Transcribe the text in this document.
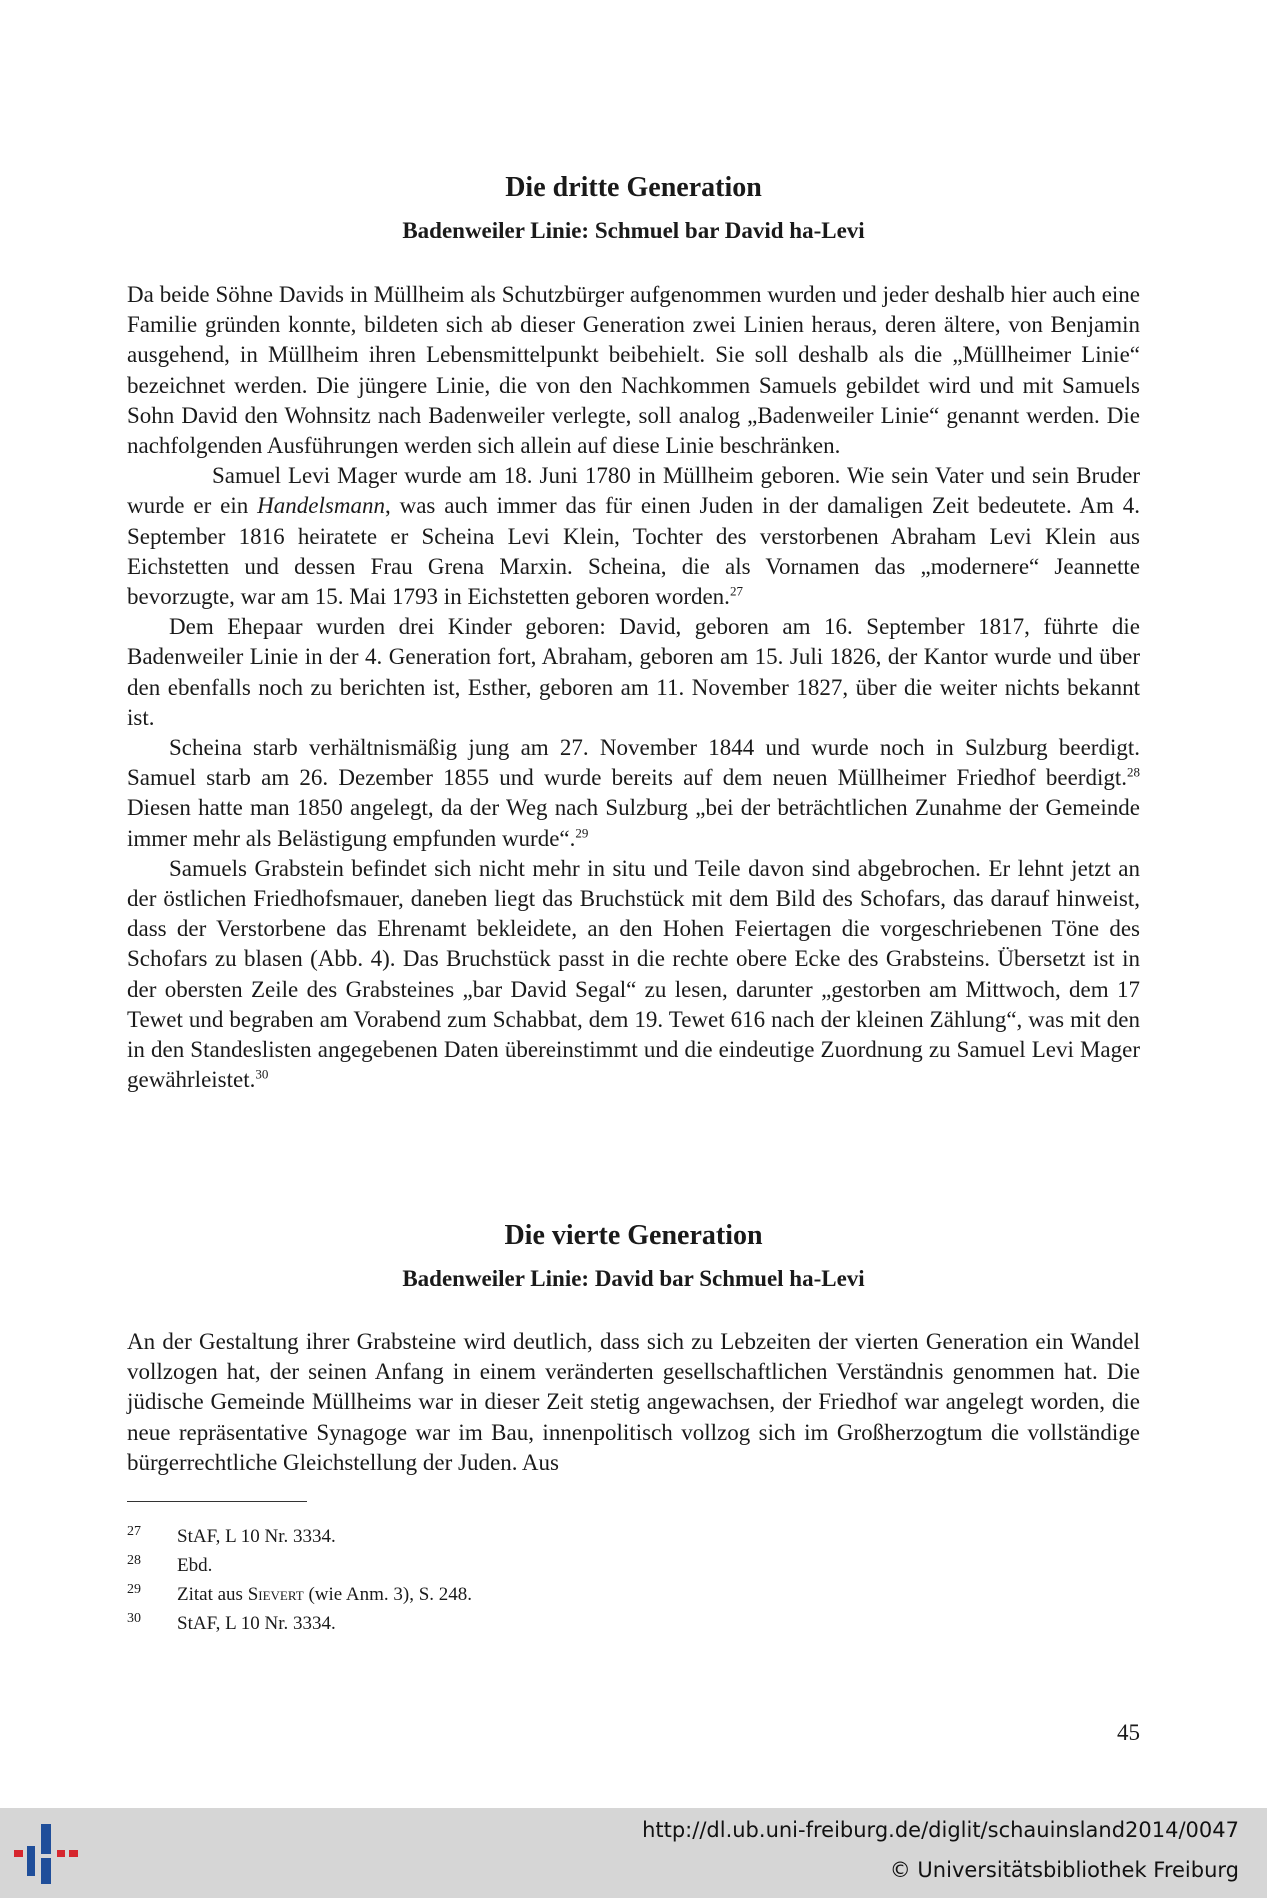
Die dritte Generation
Badenweiler Linie: Schmuel bar David ha-Levi

Da beide Söhne Davids in Müllheim als Schutzbürger aufgenommen wurden und jeder deshalb hier auch eine Familie gründen konnte, bildeten sich ab dieser Generation zwei Linien heraus, deren ältere, von Benjamin ausgehend, in Müllheim ihren Lebensmittelpunkt beibehielt. Sie soll deshalb als die „Müllheimer Linie“ bezeichnet werden. Die jüngere Linie, die von den Nachkommen Samuels gebildet wird und mit Samuels Sohn David den Wohnsitz nach Badenweiler verlegte, soll analog „Badenweiler Linie“ genannt werden. Die nachfolgenden Ausführungen werden sich allein auf diese Linie beschränken.

Samuel Levi Mager wurde am 18. Juni 1780 in Müllheim geboren. Wie sein Vater und sein Bruder wurde er ein Handelsmann, was auch immer das für einen Juden in der damaligen Zeit bedeutete. Am 4. September 1816 heiratete er Scheina Levi Klein, Tochter des verstorbenen Abraham Levi Klein aus Eichstetten und dessen Frau Grena Marxin. Scheina, die als Vornamen das „modernere“ Jeannette bevorzugte, war am 15. Mai 1793 in Eichstetten geboren worden.$^{27}$

Dem Ehepaar wurden drei Kinder geboren: David, geboren am 16. September 1817, führte die Badenweiler Linie in der 4. Generation fort, Abraham, geboren am 15. Juli 1826, der Kantor wurde und über den ebenfalls noch zu berichten ist, Esther, geboren am 11. November 1827, über die weiter nichts bekannt ist.

Scheina starb verhältnismäßig jung am 27. November 1844 und wurde noch in Sulzburg beerdigt. Samuel starb am 26. Dezember 1855 und wurde bereits auf dem neuen Müllheimer Friedhof beerdigt.$^{28}$ Diesen hatte man 1850 angelegt, da der Weg nach Sulzburg „bei der beträchtlichen Zunahme der Gemeinde immer mehr als Belästigung empfunden wurde“.$^{29}$

Samuels Grabstein befindet sich nicht mehr in situ und Teile davon sind abgebrochen. Er lehnt jetzt an der östlichen Friedhofsmauer, daneben liegt das Bruchstück mit dem Bild des Schofars, das darauf hinweist, dass der Verstorbene das Ehrenamt bekleidete, an den Hohen Feiertagen die vorgeschriebenen Töne des Schofars zu blasen (Abb. 4). Das Bruchstück passt in die rechte obere Ecke des Grabsteins. Übersetzt ist in der obersten Zeile des Grabsteines „bar David Segal“ zu lesen, darunter „gestorben am Mittwoch, dem 17 Tewet und begraben am Vorabend zum Schabbat, dem 19. Tewet 616 nach der kleinen Zählung“, was mit den in den Standeslisten angegebenen Daten übereinstimmt und die eindeutige Zuordnung zu Samuel Levi Mager gewährleistet.$^{30}$

Die vierte Generation
Badenweiler Linie: David bar Schmuel ha-Levi

An der Gestaltung ihrer Grabsteine wird deutlich, dass sich zu Lebzeiten der vierten Generation ein Wandel vollzogen hat, der seinen Anfang in einem veränderten gesellschaftlichen Verständnis genommen hat. Die jüdische Gemeinde Müllheims war in dieser Zeit stetig angewachsen, der Friedhof war angelegt worden, die neue repräsentative Synagoge war im Bau, innenpolitisch vollzog sich im Großherzogtum die vollständige bürgerrechtliche Gleichstellung der Juden. Aus

27	StAF, L 10 Nr. 3334.
28	Ebd.
29	Zitat aus Sievert (wie Anm. 3), S. 248.
30	StAF, L 10 Nr. 3334.
45
http://dl.ub.uni-freiburg.de/diglit/schauinsland2014/0047
© Universitätsbibliothek Freiburg
